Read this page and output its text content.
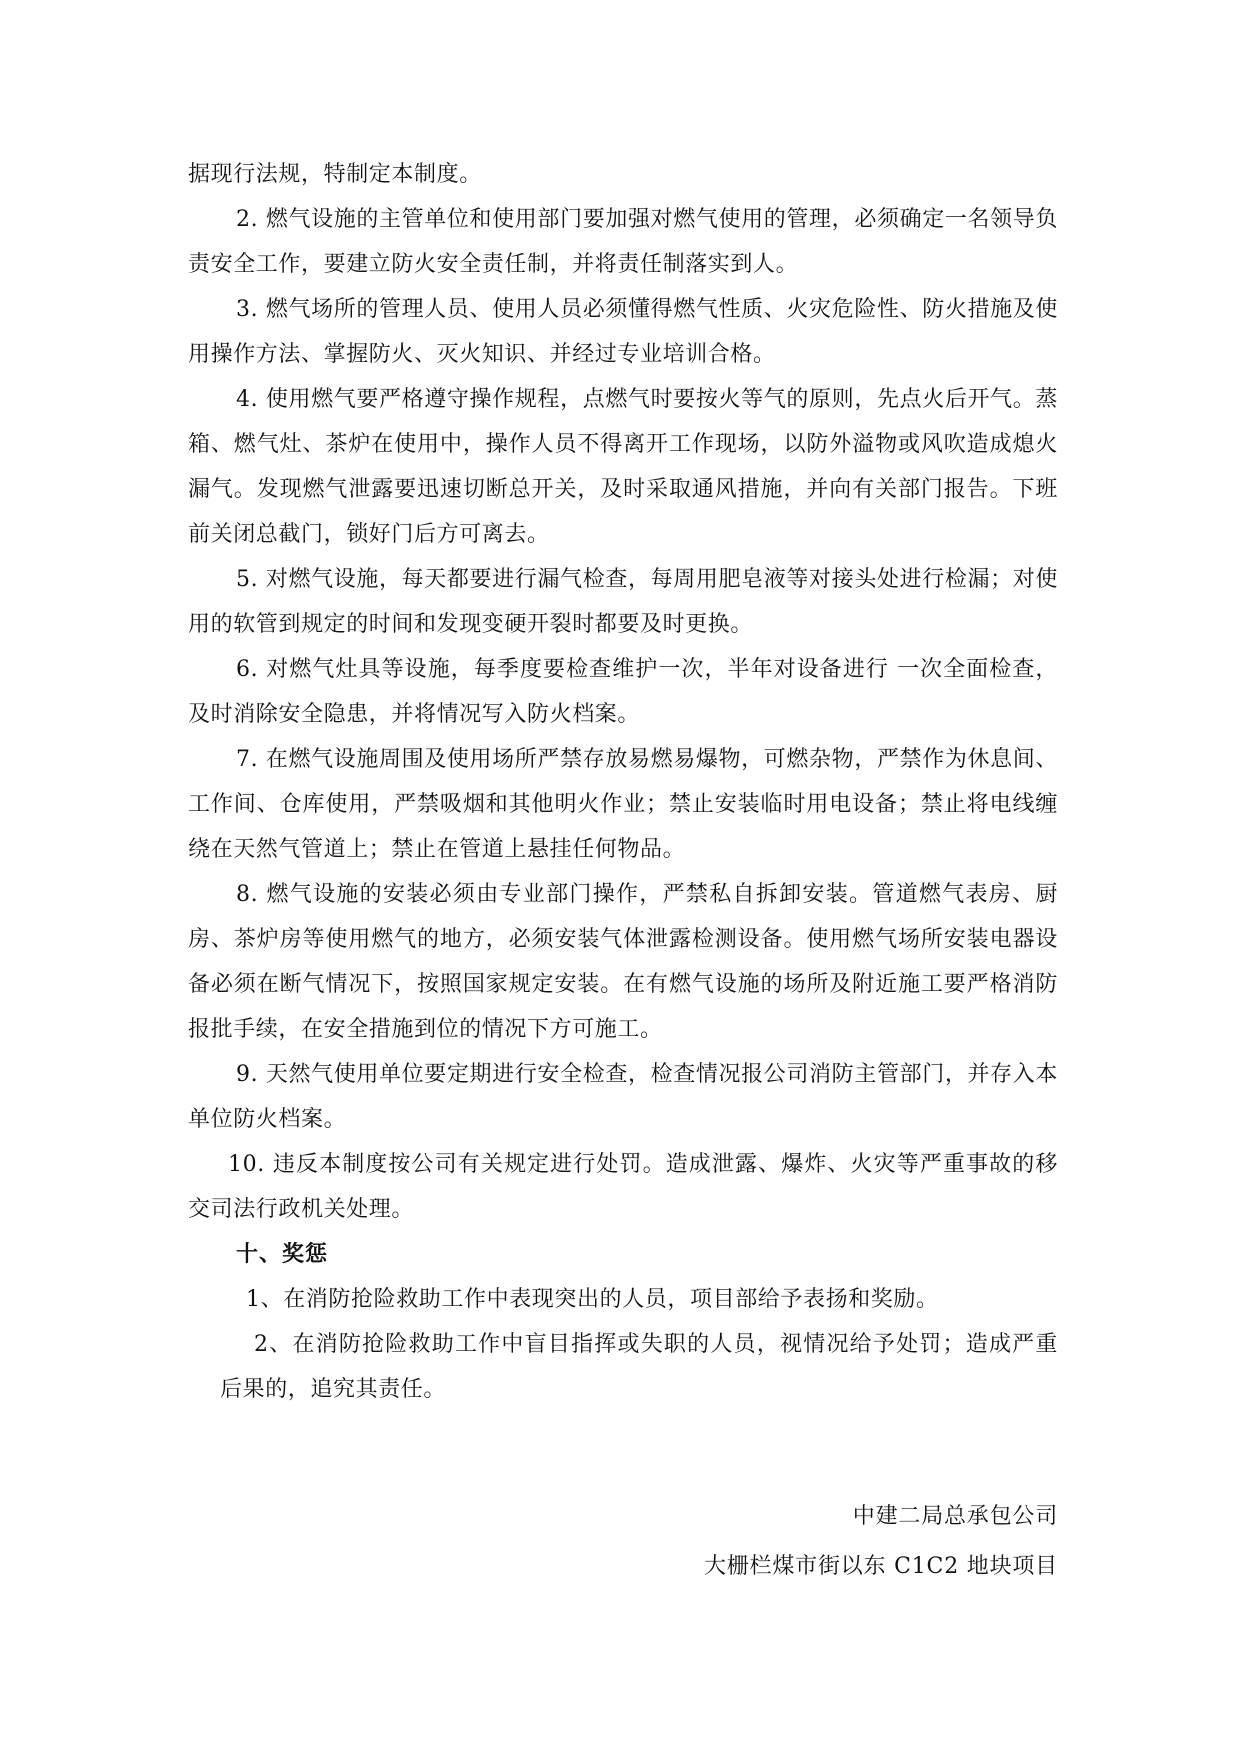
据现行法规，特制定本制度。

2. 燃气设施的主管单位和使用部门要加强对燃气使用的管理，必须确定一名领导负责安全工作，要建立防火安全责任制，并将责任制落实到人。

3. 燃气场所的管理人员、使用人员必须懂得燃气性质、火灾危险性、防火措施及使用操作方法、掌握防火、灭火知识、并经过专业培训合格。

4. 使用燃气要严格遵守操作规程，点燃气时要按火等气的原则，先点火后开气。蒸箱、燃气灶、茶炉在使用中，操作人员不得离开工作现场，以防外溢物或风吹造成熄火漏气。发现燃气泄露要迅速切断总开关，及时采取通风措施，并向有关部门报告。下班前关闭总截门，锁好门后方可离去。

5. 对燃气设施，每天都要进行漏气检查，每周用肥皂液等对接头处进行检漏；对使用的软管到规定的时间和发现变硬开裂时都要及时更换。

6. 对燃气灶具等设施，每季度要检查维护一次，半年对设备进行 一次全面检查，及时消除安全隐患，并将情况写入防火档案。

7. 在燃气设施周围及使用场所严禁存放易燃易爆物，可燃杂物，严禁作为休息间、工作间、仓库使用，严禁吸烟和其他明火作业；禁止安装临时用电设备；禁止将电线缠绕在天然气管道上；禁止在管道上悬挂任何物品。

8. 燃气设施的安装必须由专业部门操作，严禁私自拆卸安装。管道燃气表房、厨房、茶炉房等使用燃气的地方，必须安装气体泄露检测设备。使用燃气场所安装电器设备必须在断气情况下，按照国家规定安装。在有燃气设施的场所及附近施工要严格消防报批手续，在安全措施到位的情况下方可施工。

9. 天然气使用单位要定期进行安全检查，检查情况报公司消防主管部门，并存入本单位防火档案。

10. 违反本制度按公司有关规定进行处罚。造成泄露、爆炸、火灾等严重事故的移交司法行政机关处理。

十、奖惩

1、在消防抢险救助工作中表现突出的人员，项目部给予表扬和奖励。

2、在消防抢险救助工作中盲目指挥或失职的人员，视情况给予处罚；造成严重后果的，追究其责任。

中建二局总承包公司

大栅栏煤市街以东 C1C2 地块项目
